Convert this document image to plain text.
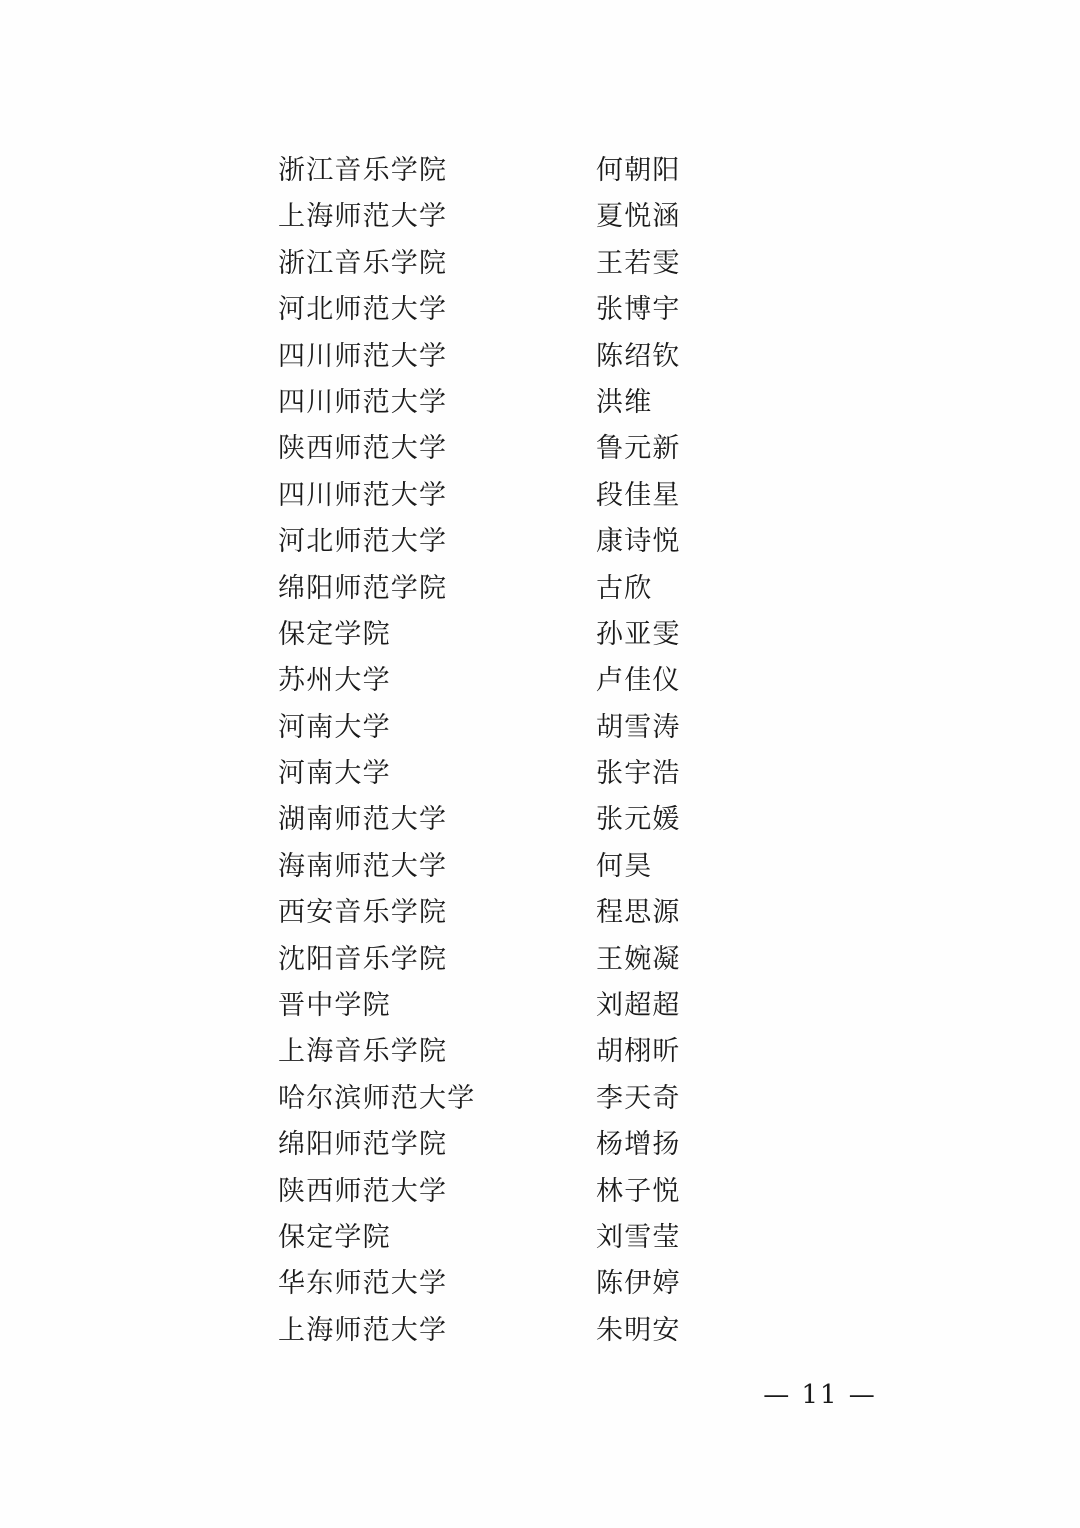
浙江音乐学院	何朝阳
上海师范大学	夏悦涵
浙江音乐学院	王若雯
河北师范大学	张博宇
四川师范大学	陈绍钦
四川师范大学	洪维
陕西师范大学	鲁元新
四川师范大学	段佳星
河北师范大学	康诗悦
绵阳师范学院	古欣
保定学院	孙亚雯
苏州大学	卢佳仪
河南大学	胡雪涛
河南大学	张宇浩
湖南师范大学	张元媛
海南师范大学	何昊
西安音乐学院	程思源
沈阳音乐学院	王婉凝
晋中学院	刘超超
上海音乐学院	胡栩昕
哈尔滨师范大学	李天奇
绵阳师范学院	杨增扬
陕西师范大学	林子悦
保定学院	刘雪莹
华东师范大学	陈伊婷
上海师范大学	朱明安
— 11 —
